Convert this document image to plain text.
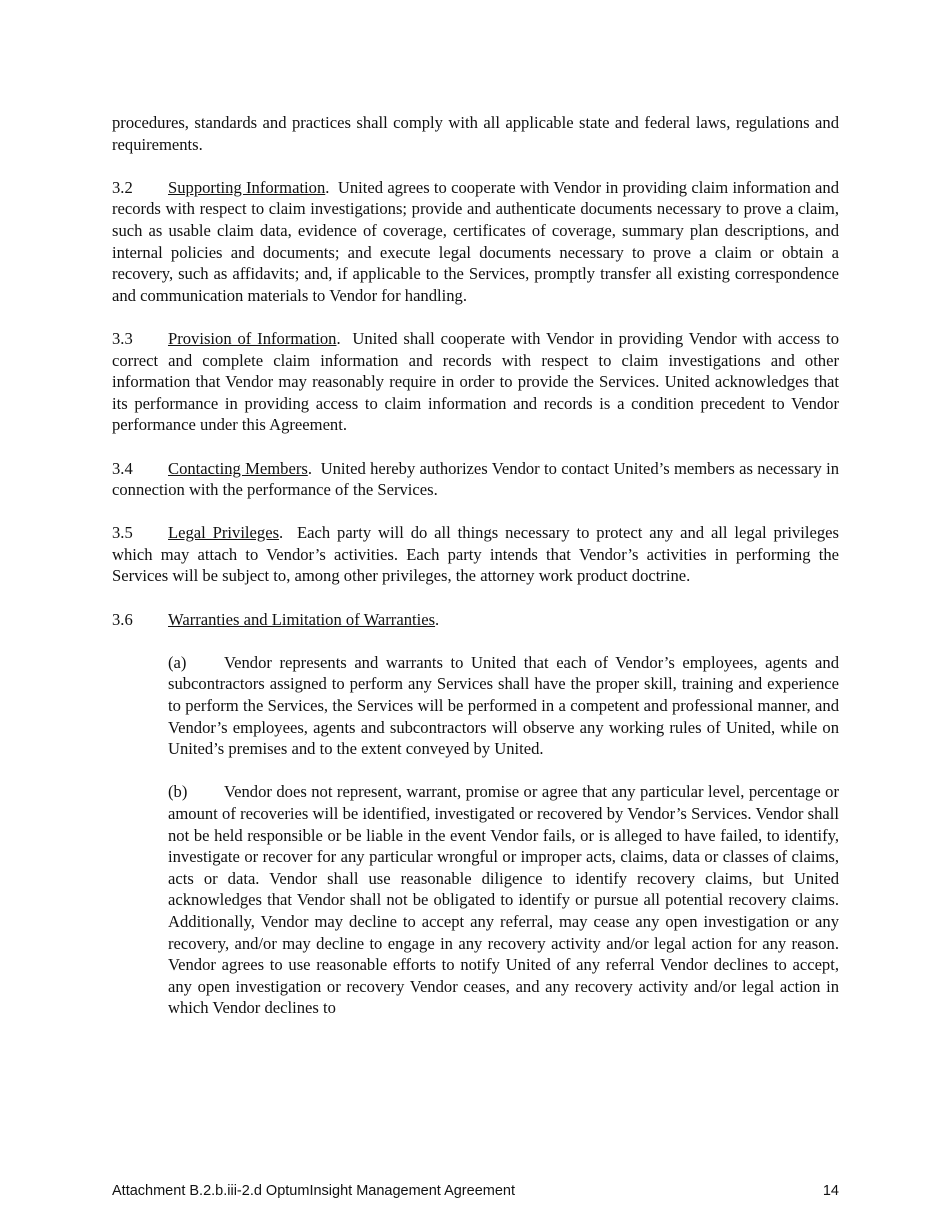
procedures, standards and practices shall comply with all applicable state and federal laws, regulations and requirements.

3.2 Supporting Information.  United agrees to cooperate with Vendor in providing claim information and records with respect to claim investigations; provide and authenticate documents necessary to prove a claim, such as usable claim data, evidence of coverage, certificates of coverage, summary plan descriptions, and internal policies and documents; and execute legal documents necessary to prove a claim or obtain a recovery, such as affidavits; and, if applicable to the Services, promptly transfer all existing correspondence and communication materials to Vendor for handling.

3.3 Provision of Information.  United shall cooperate with Vendor in providing Vendor with access to correct and complete claim information and records with respect to claim investigations and other information that Vendor may reasonably require in order to provide the Services. United acknowledges that its performance in providing access to claim information and records is a condition precedent to Vendor performance under this Agreement.

3.4 Contacting Members.  United hereby authorizes Vendor to contact United’s members as necessary in connection with the performance of the Services.

3.5 Legal Privileges.  Each party will do all things necessary to protect any and all legal privileges which may attach to Vendor’s activities. Each party intends that Vendor’s activities in performing the Services will be subject to, among other privileges, the attorney work product doctrine.

3.6 Warranties and Limitation of Warranties.

(a) Vendor represents and warrants to United that each of Vendor’s employees, agents and subcontractors assigned to perform any Services shall have the proper skill, training and experience to perform the Services, the Services will be performed in a competent and professional manner, and Vendor’s employees, agents and subcontractors will observe any working rules of United, while on United’s premises and to the extent conveyed by United.

(b) Vendor does not represent, warrant, promise or agree that any particular level, percentage or amount of recoveries will be identified, investigated or recovered by Vendor’s Services. Vendor shall not be held responsible or be liable in the event Vendor fails, or is alleged to have failed, to identify, investigate or recover for any particular wrongful or improper acts, claims, data or classes of claims, acts or data. Vendor shall use reasonable diligence to identify recovery claims, but United acknowledges that Vendor shall not be obligated to identify or pursue all potential recovery claims. Additionally, Vendor may decline to accept any referral, may cease any open investigation or any recovery, and/or may decline to engage in any recovery activity and/or legal action for any reason. Vendor agrees to use reasonable efforts to notify United of any referral Vendor declines to accept, any open investigation or recovery Vendor ceases, and any recovery activity and/or legal action in which Vendor declines to

Attachment B.2.b.iii-2.d OptumInsight Management Agreement	14
